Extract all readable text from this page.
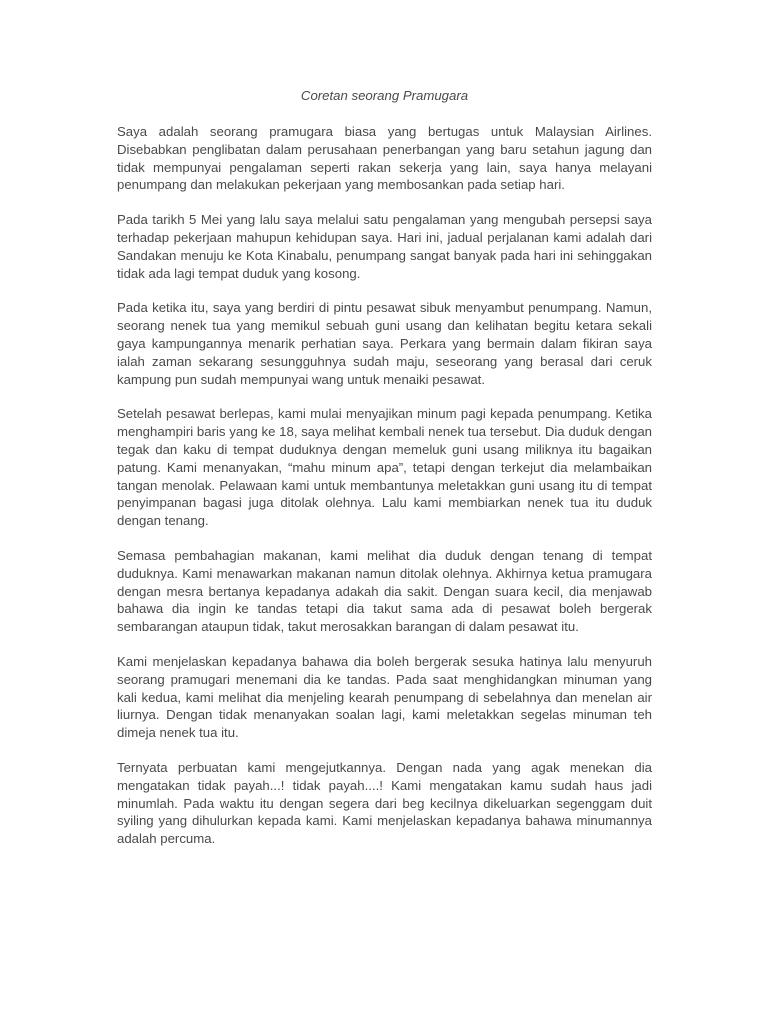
Coretan seorang Pramugara

Saya adalah seorang pramugara biasa yang bertugas untuk Malaysian Airlines. Disebabkan penglibatan dalam perusahaan penerbangan yang baru setahun jagung dan tidak mempunyai pengalaman seperti rakan sekerja yang lain, saya hanya melayani penumpang dan melakukan pekerjaan yang membosankan pada setiap hari.

Pada tarikh 5 Mei yang lalu saya melalui satu pengalaman yang mengubah persepsi saya terhadap pekerjaan mahupun kehidupan saya. Hari ini, jadual perjalanan kami adalah dari Sandakan menuju ke Kota Kinabalu, penumpang sangat banyak pada hari ini sehinggakan tidak ada lagi tempat duduk yang kosong.

Pada ketika itu, saya yang berdiri di pintu pesawat sibuk menyambut penumpang. Namun, seorang nenek tua yang memikul sebuah guni usang dan kelihatan begitu ketara sekali gaya kampungannya menarik perhatian saya. Perkara yang bermain dalam fikiran saya ialah zaman sekarang sesungguhnya sudah maju, seseorang yang berasal dari ceruk kampung pun sudah mempunyai wang untuk menaiki pesawat.

Setelah pesawat berlepas, kami mulai menyajikan minum pagi kepada penumpang. Ketika menghampiri baris yang ke 18, saya melihat kembali nenek tua tersebut. Dia duduk dengan tegak dan kaku di tempat duduknya dengan memeluk guni usang miliknya itu bagaikan patung. Kami menanyakan, “mahu minum apa”, tetapi dengan terkejut dia melambaikan tangan menolak. Pelawaan kami untuk membantunya meletakkan guni usang itu di tempat penyimpanan bagasi juga ditolak olehnya. Lalu kami membiarkan nenek tua itu duduk dengan tenang.

Semasa pembahagian makanan, kami melihat dia duduk dengan tenang di tempat duduknya. Kami menawarkan makanan namun ditolak olehnya. Akhirnya ketua pramugara dengan mesra bertanya kepadanya adakah dia sakit. Dengan suara kecil, dia menjawab bahawa dia ingin ke tandas tetapi dia takut sama ada di pesawat boleh bergerak sembarangan ataupun tidak, takut merosakkan barangan di dalam pesawat itu.

Kami menjelaskan kepadanya bahawa dia boleh bergerak sesuka hatinya lalu menyuruh seorang pramugari menemani dia ke tandas. Pada saat menghidangkan minuman yang kali kedua, kami melihat dia menjeling kearah penumpang di sebelahnya dan menelan air liurnya. Dengan tidak menanyakan soalan lagi, kami meletakkan segelas minuman teh dimeja nenek tua itu.

Ternyata perbuatan kami mengejutkannya. Dengan nada yang agak menekan dia mengatakan tidak payah...! tidak payah....! Kami mengatakan kamu sudah haus jadi minumlah. Pada waktu itu dengan segera dari beg kecilnya dikeluarkan segenggam duit syiling yang dihulurkan kepada kami. Kami menjelaskan kepadanya bahawa minumannya adalah percuma.
